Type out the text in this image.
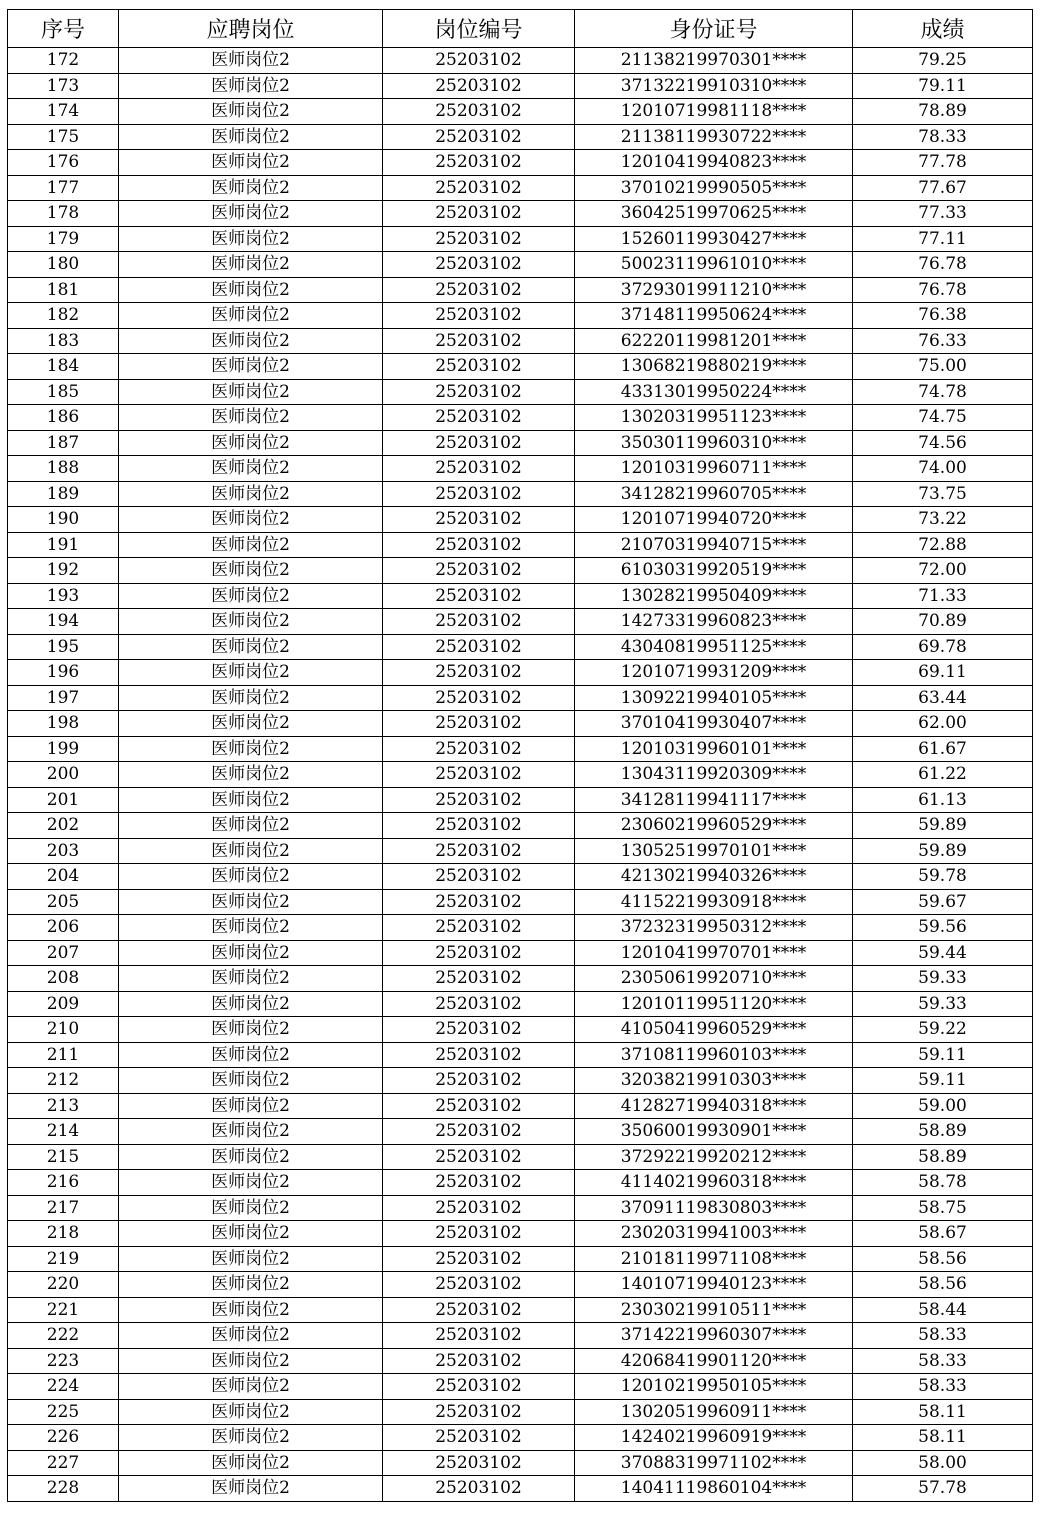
序号	应聘岗位	岗位编号	身份证号	成绩
172	医师岗位2	25203102	21138219970301****	79.25
173	医师岗位2	25203102	37132219910310****	79.11
174	医师岗位2	25203102	12010719981118****	78.89
175	医师岗位2	25203102	21138119930722****	78.33
176	医师岗位2	25203102	12010419940823****	77.78
177	医师岗位2	25203102	37010219990505****	77.67
178	医师岗位2	25203102	36042519970625****	77.33
179	医师岗位2	25203102	15260119930427****	77.11
180	医师岗位2	25203102	50023119961010****	76.78
181	医师岗位2	25203102	37293019911210****	76.78
182	医师岗位2	25203102	37148119950624****	76.38
183	医师岗位2	25203102	62220119981201****	76.33
184	医师岗位2	25203102	13068219880219****	75.00
185	医师岗位2	25203102	43313019950224****	74.78
186	医师岗位2	25203102	13020319951123****	74.75
187	医师岗位2	25203102	35030119960310****	74.56
188	医师岗位2	25203102	12010319960711****	74.00
189	医师岗位2	25203102	34128219960705****	73.75
190	医师岗位2	25203102	12010719940720****	73.22
191	医师岗位2	25203102	21070319940715****	72.88
192	医师岗位2	25203102	61030319920519****	72.00
193	医师岗位2	25203102	13028219950409****	71.33
194	医师岗位2	25203102	14273319960823****	70.89
195	医师岗位2	25203102	43040819951125****	69.78
196	医师岗位2	25203102	12010719931209****	69.11
197	医师岗位2	25203102	13092219940105****	63.44
198	医师岗位2	25203102	37010419930407****	62.00
199	医师岗位2	25203102	12010319960101****	61.67
200	医师岗位2	25203102	13043119920309****	61.22
201	医师岗位2	25203102	34128119941117****	61.13
202	医师岗位2	25203102	23060219960529****	59.89
203	医师岗位2	25203102	13052519970101****	59.89
204	医师岗位2	25203102	42130219940326****	59.78
205	医师岗位2	25203102	41152219930918****	59.67
206	医师岗位2	25203102	37232319950312****	59.56
207	医师岗位2	25203102	12010419970701****	59.44
208	医师岗位2	25203102	23050619920710****	59.33
209	医师岗位2	25203102	12010119951120****	59.33
210	医师岗位2	25203102	41050419960529****	59.22
211	医师岗位2	25203102	37108119960103****	59.11
212	医师岗位2	25203102	32038219910303****	59.11
213	医师岗位2	25203102	41282719940318****	59.00
214	医师岗位2	25203102	35060019930901****	58.89
215	医师岗位2	25203102	37292219920212****	58.89
216	医师岗位2	25203102	41140219960318****	58.78
217	医师岗位2	25203102	37091119830803****	58.75
218	医师岗位2	25203102	23020319941003****	58.67
219	医师岗位2	25203102	21018119971108****	58.56
220	医师岗位2	25203102	14010719940123****	58.56
221	医师岗位2	25203102	23030219910511****	58.44
222	医师岗位2	25203102	37142219960307****	58.33
223	医师岗位2	25203102	42068419901120****	58.33
224	医师岗位2	25203102	12010219950105****	58.33
225	医师岗位2	25203102	13020519960911****	58.11
226	医师岗位2	25203102	14240219960919****	58.11
227	医师岗位2	25203102	37088319971102****	58.00
228	医师岗位2	25203102	14041119860104****	57.78
